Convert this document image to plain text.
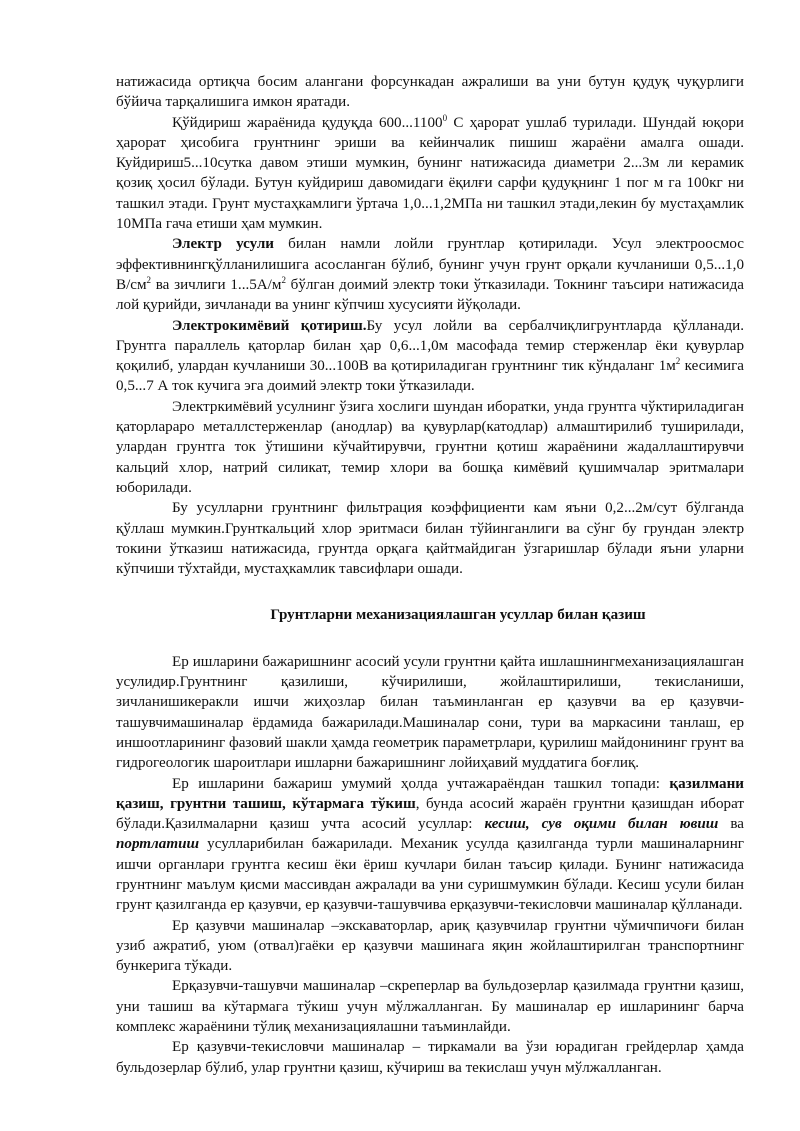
натижасида ортиқча босим алангани форсункадан ажралиши ва уни бутун қудуқ чуқурлиги бўйича тарқалишига имкон яратади.

Қўйдириш жараёнида қудуқда 600...1100$^0$ С ҳарорат ушлаб турилади. Шундай юқори ҳарорат ҳисобига грунтнинг эриши ва кейинчалик пишиш жараёни амалга ошади. Куйдириш5...10сутка давом этиши мумкин, бунинг натижасида диаметри 2...3м ли керамик қозиқ ҳосил бўлади. Бутун куйдириш давомидаги ёқилғи сарфи қудуқнинг 1 пог м га 100кг ни ташкил этади. Грунт мустаҳкамлиги ўртача 1,0...1,2МПа ни ташкил этади,лекин бу мустаҳамлик 10МПа гача етиши ҳам мумкин.

Электр усули билан намли лойли грунтлар қотирилади. Усул электроосмос эффективнингқўлланилишига асосланган бўлиб, бунинг учун грунт орқали кучланиши 0,5...1,0 $В/см^2$ ва зичлиги $1...5А/м^2$ бўлган доимий электр токи ўтказилади. Токнинг таъсири натижасида лой қурийди, зичланади ва унинг кўпчиш хусусияти йўқолади.

Электрокимёвий қотириш.Бу усул лойли ва сербалчиқлигрунтларда қўлланади. Грунтга параллель қаторлар билан ҳар 0,6...1,0м масофада темир стерженлар ёки қувурлар қоқилиб, улардан кучланиши 30...100В ва қотириладиган грунтнинг тик кўндаланг $1м^2$ кесимига 0,5...7 А ток кучига эга доимий электр токи ўтказилади.

Электркимёвий усулнинг ўзига хослиги шундан иборатки, унда грунтга чўктириладиган қаторлараро металлстерженлар (анодлар) ва қувурлар(катодлар) алмаштирилиб туширилади, улардан грунтга ток ўтишини кўчайтирувчи, грунтни қотиш жараёнини жадаллаштирувчи кальций хлор, натрий силикат, темир хлори ва бошқа кимёвий қушимчалар эритмалари юборилади.

Бу усулларни грунтнинг фильтрация коэффициенти кам яъни 0,2...2м/сут бўлганда қўллаш мумкин.Грунткальций хлор эритмаси билан тўйинганлиги ва сўнг бу грундан электр токини ўтказиш натижасида, грунтда орқага қайтмайдиган ўзгаришлар бўлади яъни уларни кўпчиши тўхтайди, мустаҳкамлик тавсифлари ошади.

Грунтларни механизациялашган усуллар билан қазиш

Ер ишларини бажаришнинг асосий усули грунтни қайта ишлашнингмеханизациялашган усулидир.Грунтнинг қазилиши, кўчирилиши, жойлаштирилиши, текисланиши, зичланишикеракли ишчи жиҳозлар билан таъминланган ер қазувчи ва ер қазувчи-ташувчимашиналар ёрдамида бажарилади.Машиналар сони, тури ва маркасини танлаш, ер иншоотларининг фазовий шакли ҳамда геометрик параметрлари, қурилиш майдонининг грунт ва гидрогеологик шароитлари ишларни бажаришнинг лойиҳавий муддатига боғлиқ.

Ер ишларини бажариш умумий ҳолда учтажараёндан ташкил топади: қазилмани қазиш, грунтни ташиш, кўтармага тўкиш, бунда асосий жараён грунтни қазишдан иборат бўлади.Қазилмаларни қазиш учта асосий усуллар: кесиш, сув оқими билан ювиш ва портлатиш усулларибилан бажарилади. Механик усулда қазилганда турли машиналарнинг ишчи органлари грунтга кесиш ёки ёриш кучлари билан таъсир қилади. Бунинг натижасида грунтнинг маълум қисми массивдан ажралади ва уни суришмумкин бўлади. Кесиш усули билан грунт қазилганда ер қазувчи, ер қазувчи-ташувчива ерқазувчи-текисловчи машиналар қўлланади.

Ер қазувчи машиналар –экскаваторлар, ариқ қазувчилар грунтни чўмичпичоғи билан узиб ажратиб, уюм (отвал)гаёки ер қазувчи машинага яқин жойлаштирилган транспортнинг бункерига тўкади.

Ерқазувчи-ташувчи машиналар –скреперлар ва бульдозерлар қазилмада грунтни қазиш, уни ташиш ва кўтармага тўкиш учун мўлжалланган. Бу машиналар ер ишларининг барча комплекс жараёнини тўлиқ механизациялашни таъминлайди.

Ер қазувчи-текисловчи машиналар – тиркамали ва ўзи юрадиган грейдерлар ҳамда бульдозерлар бўлиб, улар грунтни қазиш, кўчириш ва текислаш учун мўлжалланган.
